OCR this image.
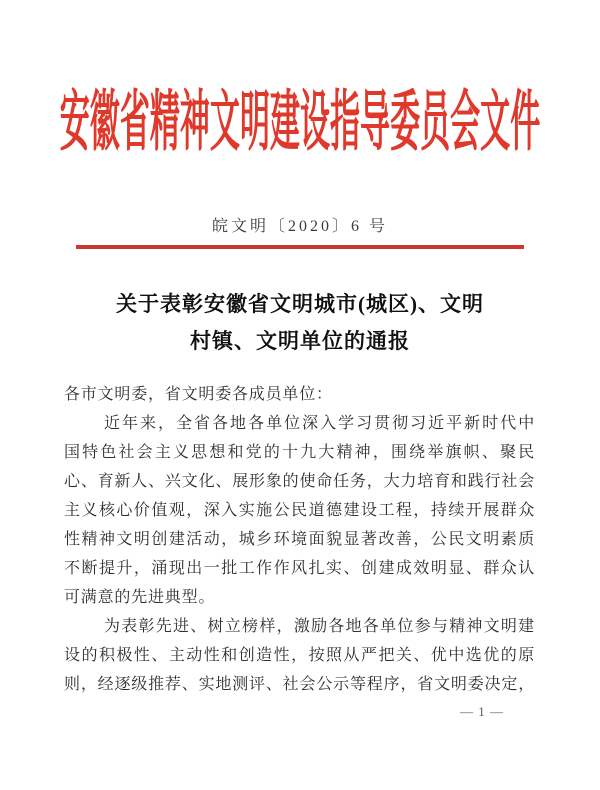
安徽省精神文明建设指导委员会文件
皖文明〔2020〕6 号
关于表彰安徽省文明城市(城区)、文明
村镇、文明单位的通报
各市文明委，省文明委各成员单位：
近年来，全省各地各单位深入学习贯彻习近平新时代中
国特色社会主义思想和党的十九大精神，围绕举旗帜、聚民
心、育新人、兴文化、展形象的使命任务，大力培育和践行社会
主义核心价值观，深入实施公民道德建设工程，持续开展群众
性精神文明创建活动，城乡环境面貌显著改善，公民文明素质
不断提升，涌现出一批工作作风扎实、创建成效明显、群众认
可满意的先进典型。
为表彰先进、树立榜样，激励各地各单位参与精神文明建
设的积极性、主动性和创造性，按照从严把关、优中选优的原
则，经逐级推荐、实地测评、社会公示等程序，省文明委决定，
— 1 —
